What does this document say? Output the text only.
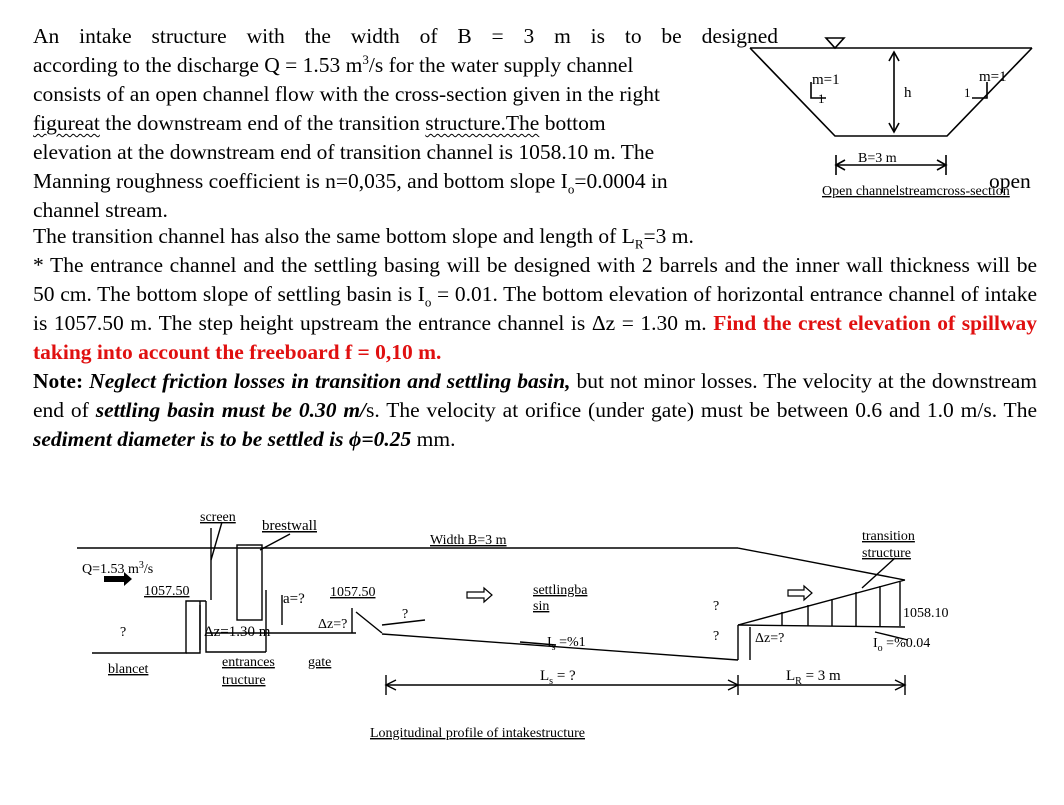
An intake structure with the width of B = 3 m is to be designed
according to the discharge Q = 1.53 $m^3/s$ for the water supply channel
consists of an open channel flow with the cross-section given in the right
figureat the downstream end of the transition structure.The bottom
elevation at the downstream end of transition channel is 1058.10 m. The
Manning roughness coefficient is n=0,035, and bottom slope $I_o=0.0004$ in
channel stream.
open

The transition channel has also the same bottom slope and length of $L_R=3$ m.

* The entrance channel and the settling basing will be designed with 2 barrels and the inner wall thickness will be 50 cm. The bottom slope of settling basin is $I_o = 0.01$. The bottom elevation of horizontal entrance channel of intake is 1057.50 m. The step height upstream the entrance channel is Δz = 1.30 m. Find the crest elevation of spillway taking into account the freeboard f = 0,10 m.

Note: Neglect friction losses in transition and settling basin, but not minor losses. The velocity at the downstream end of settling basin must be 0.30 m/s. The velocity at orifice (under gate) must be between 0.6 and 1.0 m/s. The sediment diameter is to be settled is ϕ=0.25 mm.

m=1
1	h
m=1
1
B=3 m
Open channelstreamcross-section
screen
brestwall
Width B=3 m	transition
structure
Q=1.53 $m^3/s$
1057.50	a=? 1057.50	settlingba
sin	1058.10
?
?
?
?
Δz=1.30 m	Δz=?
$I_s =\%1$	Δz=?	$I_o =\%0.04$
blancet	entrances
tructure
gate
$L_s$ = ?	$L_R = 3$ m
Longitudinal profile of intakestructure
